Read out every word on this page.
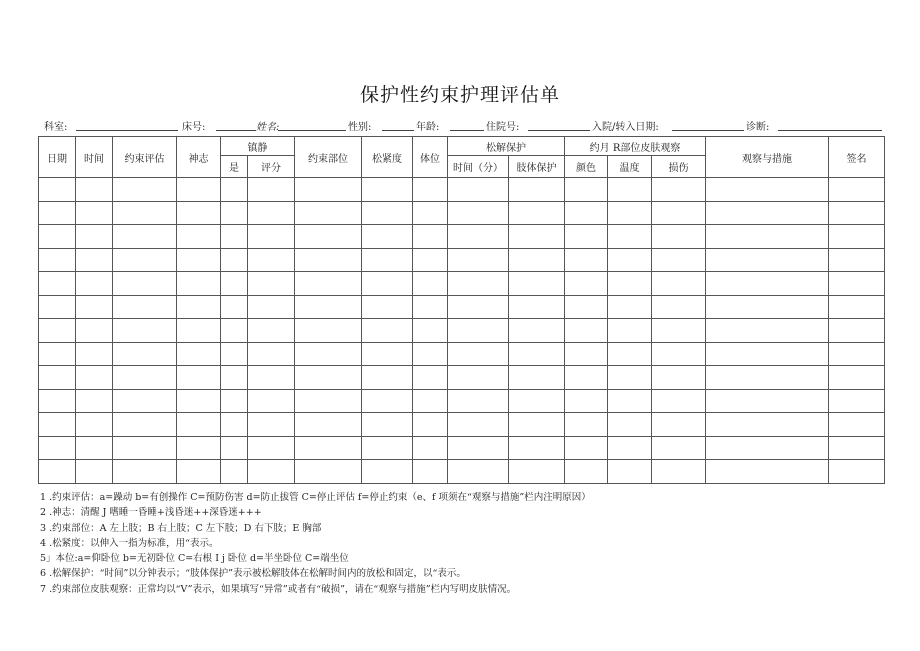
保护性约束护理评估单
科室:	床号:	姓名:	性别:	年龄:	住院号:	入院/转入日期:	诊断:
日期	时间	约束评估	神志	镇静		约束部位	松紧度	体位	松解保护		约月 R部位皮肤观察			观察与措施	签名
				是	评分				时间（分）	肢体保护	颜色	温度	损伤		

1 .约束评估：a=躁动 b=有创操作 C=预防伤害 d=防止拔管 C=停止评估 f=停止约束（e、f 项须在“观察与措施”栏内注明原因）
2 .神志：清醒 J 嗜睡一昏睡+浅昏迷++深昏迷+++
3 .约束部位：A 左上肢；B 右上肢；C 左下肢；D 右下肢；E 胸部
4 .松紧度：以伸入一指为标准，用“表示。
5」本位:a=仰卧位 b=无初卧位 C=右根 I j 卧位 d=半坐卧位 C=端坐位
6 .松解保护：“时间”以分钟表示；“肢体保护”表示被松解肢体在松解时间内的放松和固定，以“表示。
7 .约束部位皮肤观察：正常均以“V”表示，如果填写“异常”或者有“破损”，请在“观察与措施”栏内写明皮肤情况。
